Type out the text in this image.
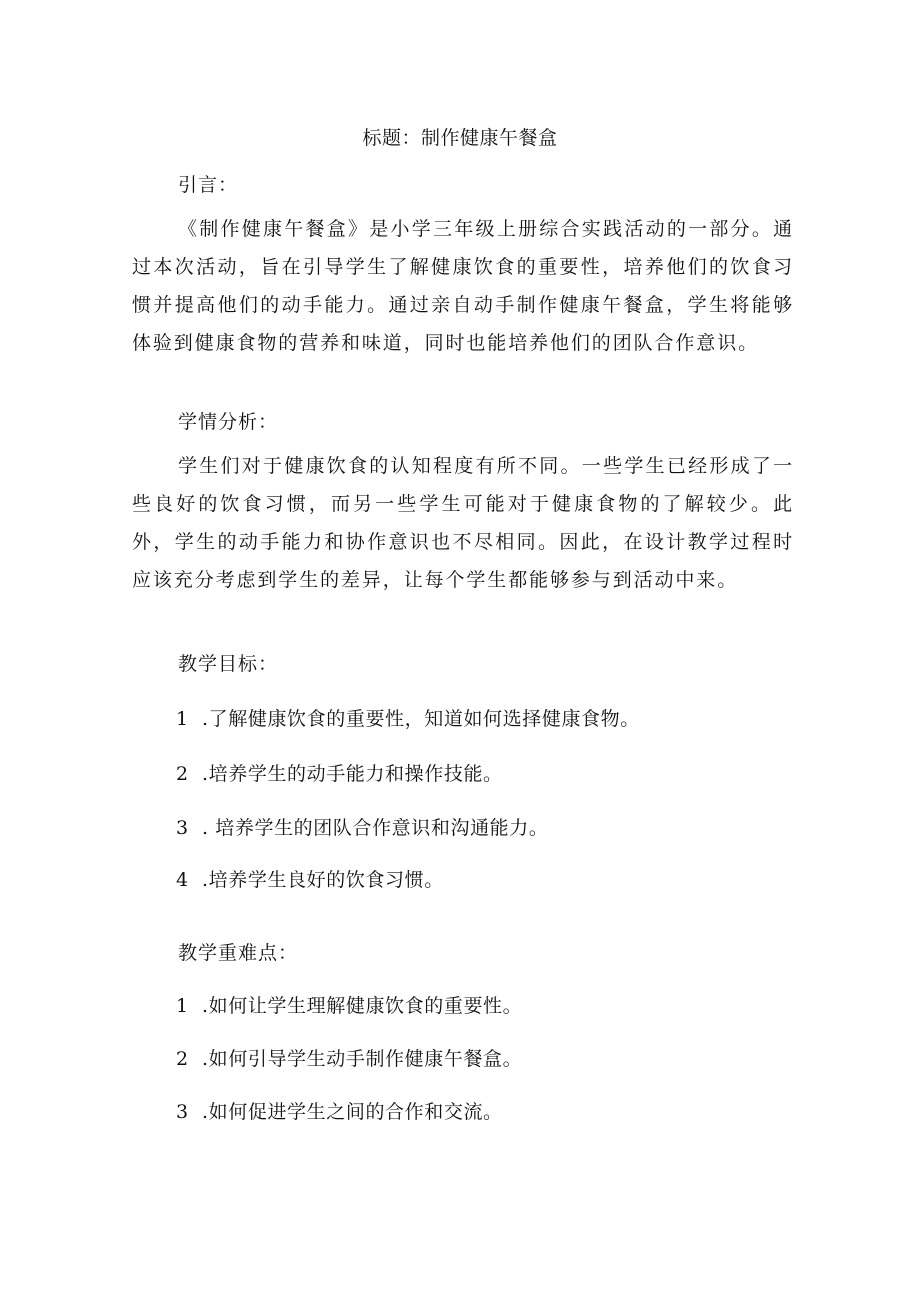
标题：制作健康午餐盒
引言：

《制作健康午餐盒》是小学三年级上册综合实践活动的一部分。通过本次活动，旨在引导学生了解健康饮食的重要性，培养他们的饮食习惯并提高他们的动手能力。通过亲自动手制作健康午餐盒，学生将能够体验到健康食物的营养和味道，同时也能培养他们的团队合作意识。

学情分析：

学生们对于健康饮食的认知程度有所不同。一些学生已经形成了一些良好的饮食习惯，而另一些学生可能对于健康食物的了解较少。此外，学生的动手能力和协作意识也不尽相同。因此，在设计教学过程时应该充分考虑到学生的差异，让每个学生都能够参与到活动中来。

教学目标：
1 .了解健康饮食的重要性，知道如何选择健康食物。
2 .培养学生的动手能力和操作技能。
3 . 培养学生的团队合作意识和沟通能力。
4 .培养学生良好的饮食习惯。
教学重难点：
1 .如何让学生理解健康饮食的重要性。
2 .如何引导学生动手制作健康午餐盒。
3 .如何促进学生之间的合作和交流。
